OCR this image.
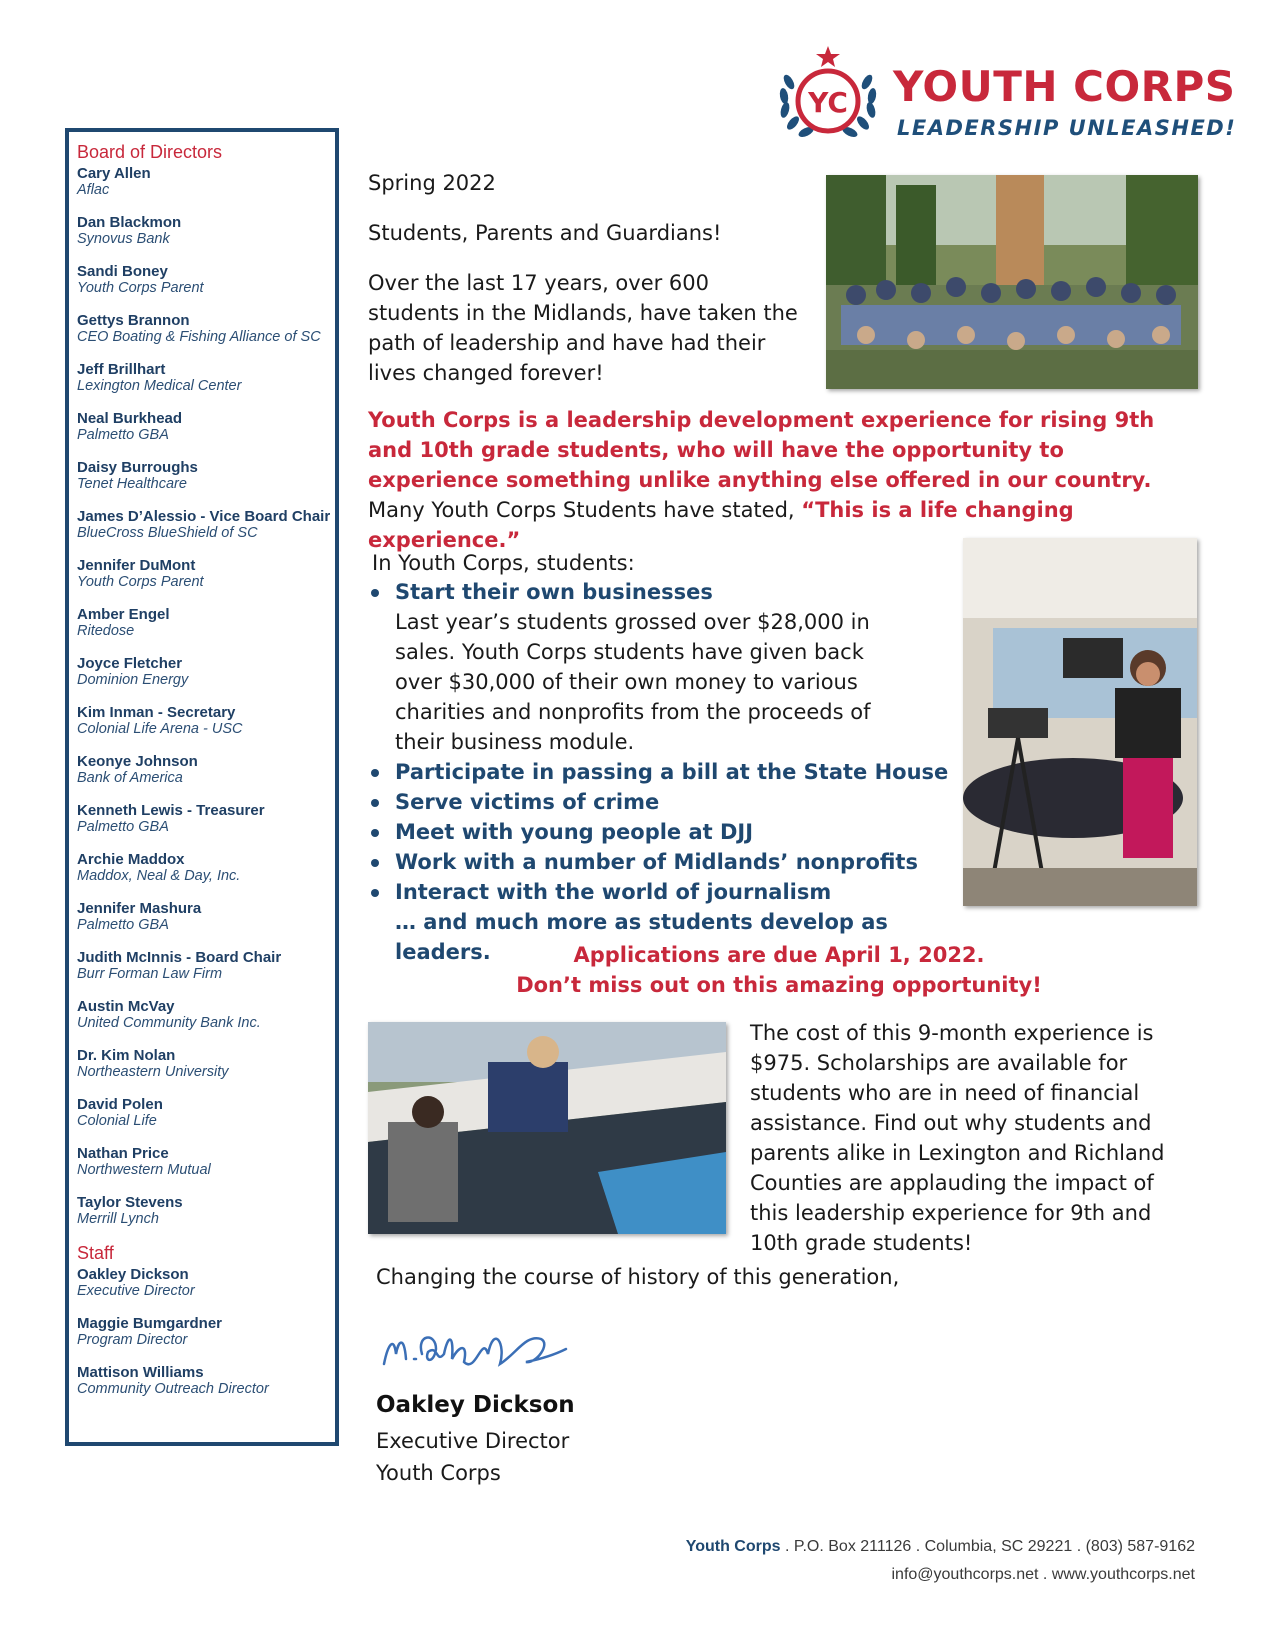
YC YOUTH CORPS
LEADERSHIP UNLEASHED!
Board of Directors
Cary Allen
Aflac
Dan Blackmon
Synovus Bank
Sandi Boney
Youth Corps Parent
Gettys Brannon
CEO Boating & Fishing Alliance of SC
Jeff Brillhart
Lexington Medical Center
Neal Burkhead
Palmetto GBA
Daisy Burroughs
Tenet Healthcare
James D’Alessio - Vice Board Chair
BlueCross BlueShield of SC
Jennifer DuMont
Youth Corps Parent
Amber Engel
Ritedose
Joyce Fletcher
Dominion Energy
Kim Inman - Secretary
Colonial Life Arena - USC
Keonye Johnson
Bank of America
Kenneth Lewis - Treasurer
Palmetto GBA
Archie Maddox
Maddox, Neal & Day, Inc.
Jennifer Mashura
Palmetto GBA
Judith McInnis - Board Chair
Burr Forman Law Firm
Austin McVay
United Community Bank Inc.
Dr. Kim Nolan
Northeastern University
David Polen
Colonial Life
Nathan Price
Northwestern Mutual
Taylor Stevens
Merrill Lynch
Staff
Oakley Dickson
Executive Director
Maggie Bumgardner
Program Director
Mattison Williams
Community Outreach Director
Spring 2022
Students, Parents and Guardians!
Over the last 17 years, over 600 students in the Midlands, have taken the path of leadership and have had their lives changed forever!
Youth Corps is a leadership development experience for rising 9th and 10th grade students, who will have the opportunity to experience something unlike anything else offered in our country. Many Youth Corps Students have stated, “This is a life changing experience.”
In Youth Corps, students:
Start their own businesses
Last year’s students grossed over $28,000 in sales. Youth Corps students have given back over $30,000 of their own money to various charities and nonprofits from the proceeds of their business module.
Participate in passing a bill at the State House
Serve victims of crime
Meet with young people at DJJ
Work with a number of Midlands’ nonprofits
Interact with the world of journalism
… and much more as students develop as leaders.	Applications are due April 1, 2022.
Don’t miss out on this amazing opportunity!
The cost of this 9-month experience is $975. Scholarships are available for students who are in need of financial assistance. Find out why students and parents alike in Lexington and Richland Counties are applauding the impact of this leadership experience for 9th and 10th grade students!
Changing the course of history of this generation,
Oakley Dickson
Executive Director
Youth Corps
Youth Corps . P.O. Box 211126 . Columbia, SC 29221 . (803) 587-9162
info@youthcorps.net . www.youthcorps.net
